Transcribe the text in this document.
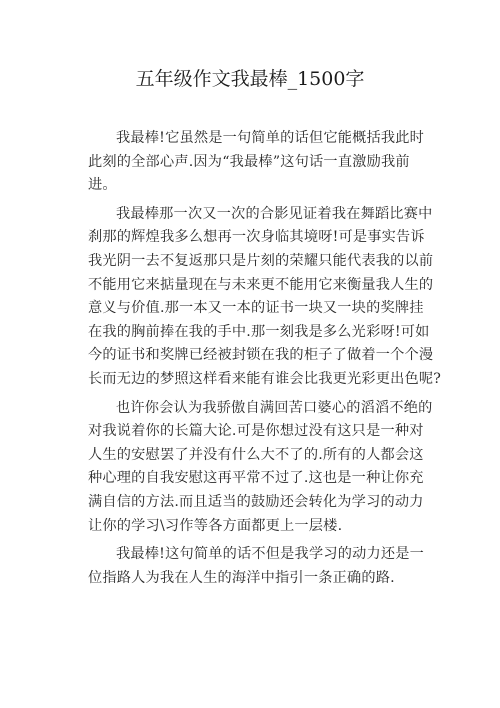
五年级作文我最棒_1500字

我最棒!它虽然是一句简单的话但它能概括我此时
此刻的全部心声.因为“我最棒”这句话一直激励我前
进。

我最棒那一次又一次的合影见证着我在舞蹈比赛中
刹那的辉煌我多么想再一次身临其境呀!可是事实告诉
我光阴一去不复返那只是片刻的荣耀只能代表我的以前
不能用它来掂量现在与未来更不能用它来衡量我人生的
意义与价值.那一本又一本的证书一块又一块的奖牌挂
在我的胸前捧在我的手中.那一刻我是多么光彩呀!可如
今的证书和奖牌已经被封锁在我的柜子了做着一个个漫
长而无边的梦照这样看来能有谁会比我更光彩更出色呢?

也许你会认为我骄傲自满回苦口婆心的滔滔不绝的
对我说着你的长篇大论.可是你想过没有这只是一种对
人生的安慰罢了并没有什么大不了的.所有的人都会这
种心理的自我安慰这再平常不过了.这也是一种让你充
满自信的方法.而且适当的鼓励还会转化为学习的动力
让你的学习\习作等各方面都更上一层楼.

我最棒!这句简单的话不但是我学习的动力还是一
位指路人为我在人生的海洋中指引一条正确的路.
